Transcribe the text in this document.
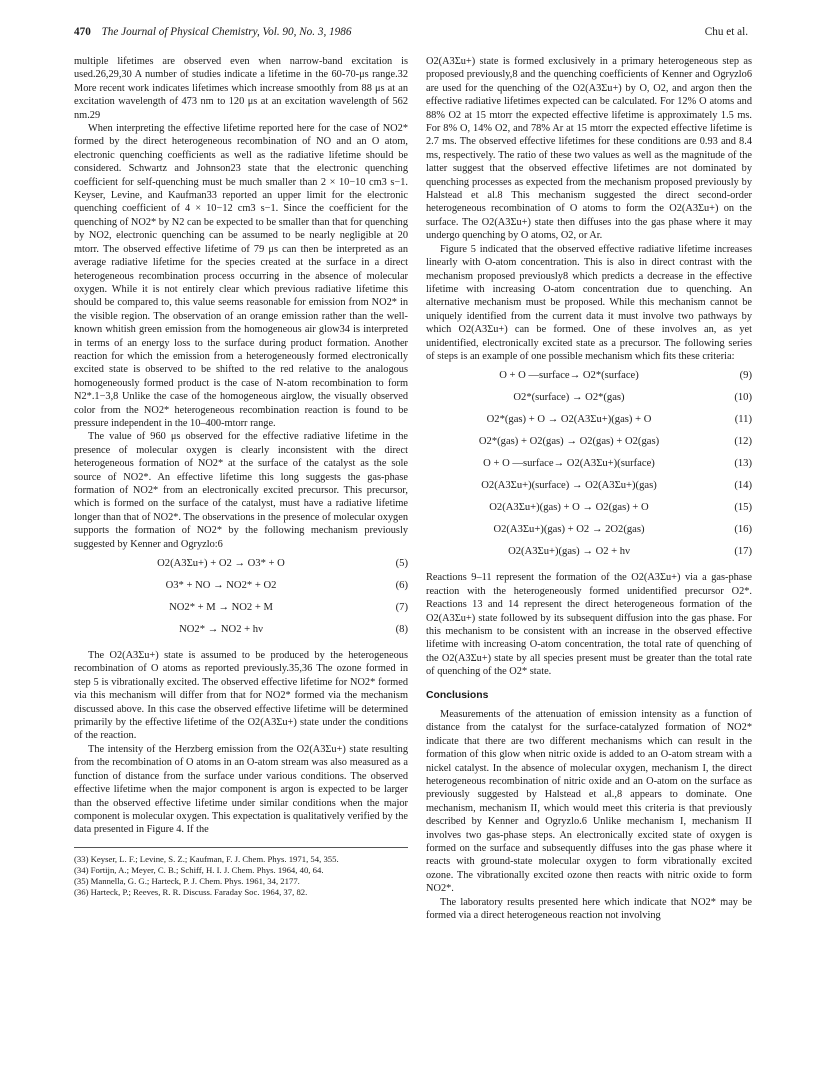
470 The Journal of Physical Chemistry, Vol. 90, No. 3, 1986	Chu et al.

multiple lifetimes are observed even when narrow-band excitation is used.26,29,30 A number of studies indicate a lifetime in the 60-70-μs range.32 More recent work indicates lifetimes which increase smoothly from 88 μs at an excitation wavelength of 473 nm to 120 μs at an excitation wavelength of 562 nm.29

When interpreting the effective lifetime reported here for the case of NO2* formed by the direct heterogeneous recombination of NO and an O atom, electronic quenching coefficients as well as the radiative lifetime should be considered. Schwartz and Johnson23 state that the electronic quenching coefficient for self-quenching must be much smaller than 2 × 10−10 cm3 s−1. Keyser, Levine, and Kaufman33 reported an upper limit for the electronic quenching coefficient of 4 × 10−12 cm3 s−1. Since the coefficient for the quenching of NO2* by N2 can be expected to be smaller than that for quenching by NO2, electronic quenching can be assumed to be nearly negligible at 20 mtorr. The observed effective lifetime of 79 μs can then be interpreted as an average radiative lifetime for the species created at the surface in a direct heterogeneous recombination process occurring in the absence of molecular oxygen. While it is not entirely clear which previous radiative lifetime this should be compared to, this value seems reasonable for emission from NO2* in the visible region. The observation of an orange emission rather than the well-known whitish green emission from the homogeneous air glow34 is interpreted in terms of an energy loss to the surface during product formation. Another reaction for which the emission from a heterogeneously formed electronically excited state is observed to be shifted to the red relative to the analogous homogeneously formed product is the case of N-atom recombination to form N2*.1−3,8 Unlike the case of the homogeneous airglow, the visually observed color from the NO2* heterogeneous recombination reaction is found to be pressure independent in the 10–400-mtorr range.

The value of 960 μs observed for the effective radiative lifetime in the presence of molecular oxygen is clearly inconsistent with the direct heterogeneous formation of NO2* at the surface of the catalyst as the sole source of NO2*. An effective lifetime this long suggests the gas-phase formation of NO2* from an electronically excited precursor. This precursor, which is formed on the surface of the catalyst, must have a radiative lifetime longer than that of NO2*. The observations in the presence of molecular oxygen supports the formation of NO2* by the following mechanism previously suggested by Kenner and Ogryzlo:6

O2(A3Σu+) + O2 → O3* + O	(5)
O3* + NO → NO2* + O2	(6)
NO2* + M → NO2 + M	(7)
NO2* → NO2 + hν	(8)

The O2(A3Σu+) state is assumed to be produced by the heterogeneous recombination of O atoms as reported previously.35,36 The ozone formed in step 5 is vibrationally excited. The observed effective lifetime for NO2* formed via this mechanism will differ from that for NO2* formed via the mechanism discussed above. In this case the observed effective lifetime will be determined primarily by the effective lifetime of the O2(A3Σu+) state under the conditions of the reaction.

The intensity of the Herzberg emission from the O2(A3Σu+) state resulting from the recombination of O atoms in an O-atom stream was also measured as a function of distance from the surface under various conditions. The observed effective lifetime when the major component is argon is expected to be larger than the observed effective lifetime under similar conditions when the major component is molecular oxygen. This expectation is qualitatively verified by the data presented in Figure 4. If the

(33) Keyser, L. F.; Levine, S. Z.; Kaufman, F. J. Chem. Phys. 1971, 54, 355.
(34) Fortijn, A.; Meyer, C. B.; Schiff, H. I. J. Chem. Phys. 1964, 40, 64.
(35) Mannella, G. G.; Harteck, P. J. Chem. Phys. 1961, 34, 2177.
(36) Harteck, P.; Reeves, R. R. Discuss. Faraday Soc. 1964, 37, 82.

O2(A3Σu+) state is formed exclusively in a primary heterogeneous step as proposed previously,8 and the quenching coefficients of Kenner and Ogryzlo6 are used for the quenching of the O2(A3Σu+) by O, O2, and argon then the effective radiative lifetimes expected can be calculated. For 12% O atoms and 88% O2 at 15 mtorr the expected effective lifetime is approximately 1.5 ms. For 8% O, 14% O2, and 78% Ar at 15 mtorr the expected effective lifetime is 2.7 ms. The observed effective lifetimes for these conditions are 0.93 and 8.4 ms, respectively. The ratio of these two values as well as the magnitude of the latter suggest that the observed effective lifetimes are not dominated by quenching processes as expected from the mechanism proposed previously by Halstead et al.8 This mechanism suggested the direct second-order heterogeneous recombination of O atoms to form the O2(A3Σu+) on the surface. The O2(A3Σu+) state then diffuses into the gas phase where it may undergo quenching by O atoms, O2, or Ar.

Figure 5 indicated that the observed effective radiative lifetime increases linearly with O-atom concentration. This is also in direct contrast with the mechanism proposed previously8 which predicts a decrease in the effective lifetime with increasing O-atom concentration due to quenching. An alternative mechanism must be proposed. While this mechanism cannot be uniquely identified from the current data it must involve two pathways by which O2(A3Σu+) can be formed. One of these involves an, as yet unidentified, electronically excited state as a precursor. The following series of steps is an example of one possible mechanism which fits these criteria:

O + O —surface→ O2*(surface)	(9)
O2*(surface) → O2*(gas)	(10)
O2*(gas) + O → O2(A3Σu+)(gas) + O	(11)
O2*(gas) + O2(gas) → O2(gas) + O2(gas)	(12)
O + O —surface→ O2(A3Σu+)(surface)	(13)
O2(A3Σu+)(surface) → O2(A3Σu+)(gas)	(14)
O2(A3Σu+)(gas) + O → O2(gas) + O	(15)
O2(A3Σu+)(gas) + O2 → 2O2(gas)	(16)
O2(A3Σu+)(gas) → O2 + hν	(17)

Reactions 9–11 represent the formation of the O2(A3Σu+) via a gas-phase reaction with the heterogeneously formed unidentified precursor O2*. Reactions 13 and 14 represent the direct heterogeneous formation of the O2(A3Σu+) state followed by its subsequent diffusion into the gas phase. For this mechanism to be consistent with an increase in the observed effective lifetime with increasing O-atom concentration, the total rate of quenching of the O2(A3Σu+) state by all species present must be greater than the total rate of quenching of the O2* state.

Conclusions

Measurements of the attenuation of emission intensity as a function of distance from the catalyst for the surface-catalyzed formation of NO2* indicate that there are two different mechanisms which can result in the formation of this glow when nitric oxide is added to an O-atom stream with a nickel catalyst. In the absence of molecular oxygen, mechanism I, the direct heterogeneous recombination of nitric oxide and an O-atom on the surface as previously suggested by Halstead et al.,8 appears to dominate. One mechanism, mechanism II, which would meet this criteria is that previously described by Kenner and Ogryzlo.6 Unlike mechanism I, mechanism II involves two gas-phase steps. An electronically excited state of oxygen is formed on the surface and subsequently diffuses into the gas phase where it reacts with ground-state molecular oxygen to form vibrationally excited ozone. The vibrationally excited ozone then reacts with nitric oxide to form NO2*.

The laboratory results presented here which indicate that NO2* may be formed via a direct heterogeneous reaction not involving
